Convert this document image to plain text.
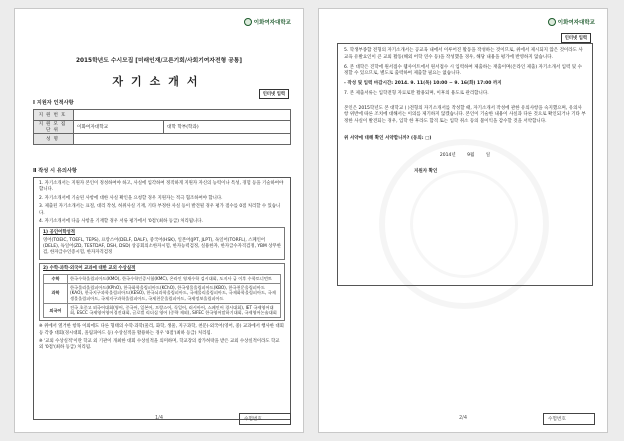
이화여자대학교
2015학년도 수시모집 [미래인재/고른기회/사회기여자전형 공통]
자기소개서
인터넷 입력
Ⅰ 지원자 인적사항
지원번호		
지원모집단위	이화여자대학교	대학 학부(학과)
성명		
Ⅱ 작성 시 유의사항

1. 자기소개서는 지원자 본인이 정성하여야 하고, 사실에 입각하여 정직하게 지원자 자신의 능력이나 특성, 경험 등을 기술하여야 합니다.

2. 자기소개서에 기술된 사항에 대한 사실 확인을 요청할 경우 지원자는 적극 협조하여야 합니다.

3. 제출된 자기소개서는 표절, 대리 작성, 허위사실 기재, 기타 부정한 사실 등이 발견될 경우 평가 점수를 0점 처리할 수 있습니다.

4. 자기소개서에 다음 사항을 기재할 경우 서류 평가에서 '0점'(최하 등급) 처리됩니다.

1) 공인어학성적
영어(TOEIC, TOEFL, TEPS), 프랑스어(DELF, DALF), 중국어(HSK), 일본어(JPT, JLPT), 독일어(TORFL), 스페인어(DELE), 독일어(ZD, TESTDAF, DSH, DSD) 상공회의소한자시험, 한자능력검정, 실용한자, 한자급수자격검정, YBM 상무한검, 한자급수인증시험, 한자자격검정
2) 수학·과학·외국어 교과에 대한 교외 수상실적
수학	한국수학올림피아드(KMO), 한국수학인증시험(KMC), 온라인 영재수학 검시대회, 도지사 급 이후 수학토너먼트
과학	한국물리올림피아드(KPhO), 한국화학올림피아드(KChO), 한국생물올림피아드(KBO), 한국천문올림피아드(KAO), 한국지구과학올림피아드(KESO), 한국뇌과학올림피아드, 국제물리올림피아드, 국제화학올림피아드, 국제생물올림피아드, 국제지구과학올림피아드, 국제천문올림피아드, 국제정보올림피아드
외국어	전국 초중고 외국어대회(영어, 중국어, 일본어, 프랑스어, 독일어, 러시아어, 스페인어 경시대회), IET 국제영어대회, ESCC 국제영어영어경진대회, 글로벌 리더십 영어 (중략 제외), SIFEC 한국영어말하기대회, 국제영어논술대회

※ 위에서 열거한 항목 이외에도 다른 형태의 수학·과학(물리, 화학, 생물, 지구과학, 천문)·외국어(영어, 중) 교과에서 행사한 대회 등 각종 대회(경시대회, 올림피아드 등) 수상실적을 활용하는 경우 '0점'(최하 등급) 처리됨.

※ '교외 수상실적'이란 학교 외 기관이 개최한 대회 수상실적을 의미하며, 학교장의 참가허락을 받은 교외 수상실적이라도 학교 외 '0점'(최하 등급) 처리됨.

1/4	수험번호
이화여자대학교
인터넷 입력

5. 학생부종합 전형의 자기소개서는 공교육 내에서 이루어진 활동을 작성하는 것이므로, 위에서 제시되지 않은 것이라도 사교육 유발요인이 큰 교외 활동(해외 어학 연수 등)을 작성했을 경우, 해당 내용을 평가에 반영하지 않습니다.

6. 본 대학은 진학에 원서접수 웹사이트에서 원서접수 시 입력하여 제출하는 재출이며(온라인 제출) 자기소개서 입력 및 수정할 수 있으므로, 별도로 출력하여 제출할 필요는 없습니다.

- 작성 및 입력 마감시간: 2014. 9. 11(목) 10:00 ~ 9. 16(화) 17:00 까지

7. 본 제출서류는 입학전형 자료로만 활용되며, 이후의 용도로 관리합니다.

본인은 2015학년도 본 대학교 ( )전형의 자기소개서를 작성할 때, 자기소개서 작성에 관한 유의사항을 숙지했으며, 유의사항 위반에 따른 조치에 대해서는 이의를 제기하지 않겠습니다. 본인이 기술한 내용이 사실과 다른 것으로 확인되거나 기타 부정한 사실이 발견되는 경우, 입학 한 후라도 합격 또는 입학 취소 등의 불이익을 감수할 것을 서약합니다.

위 서약에 대해 확인 서약합니까? (동의: □)

2014년 9월 일

지원자 확인

2/4	수험번호
